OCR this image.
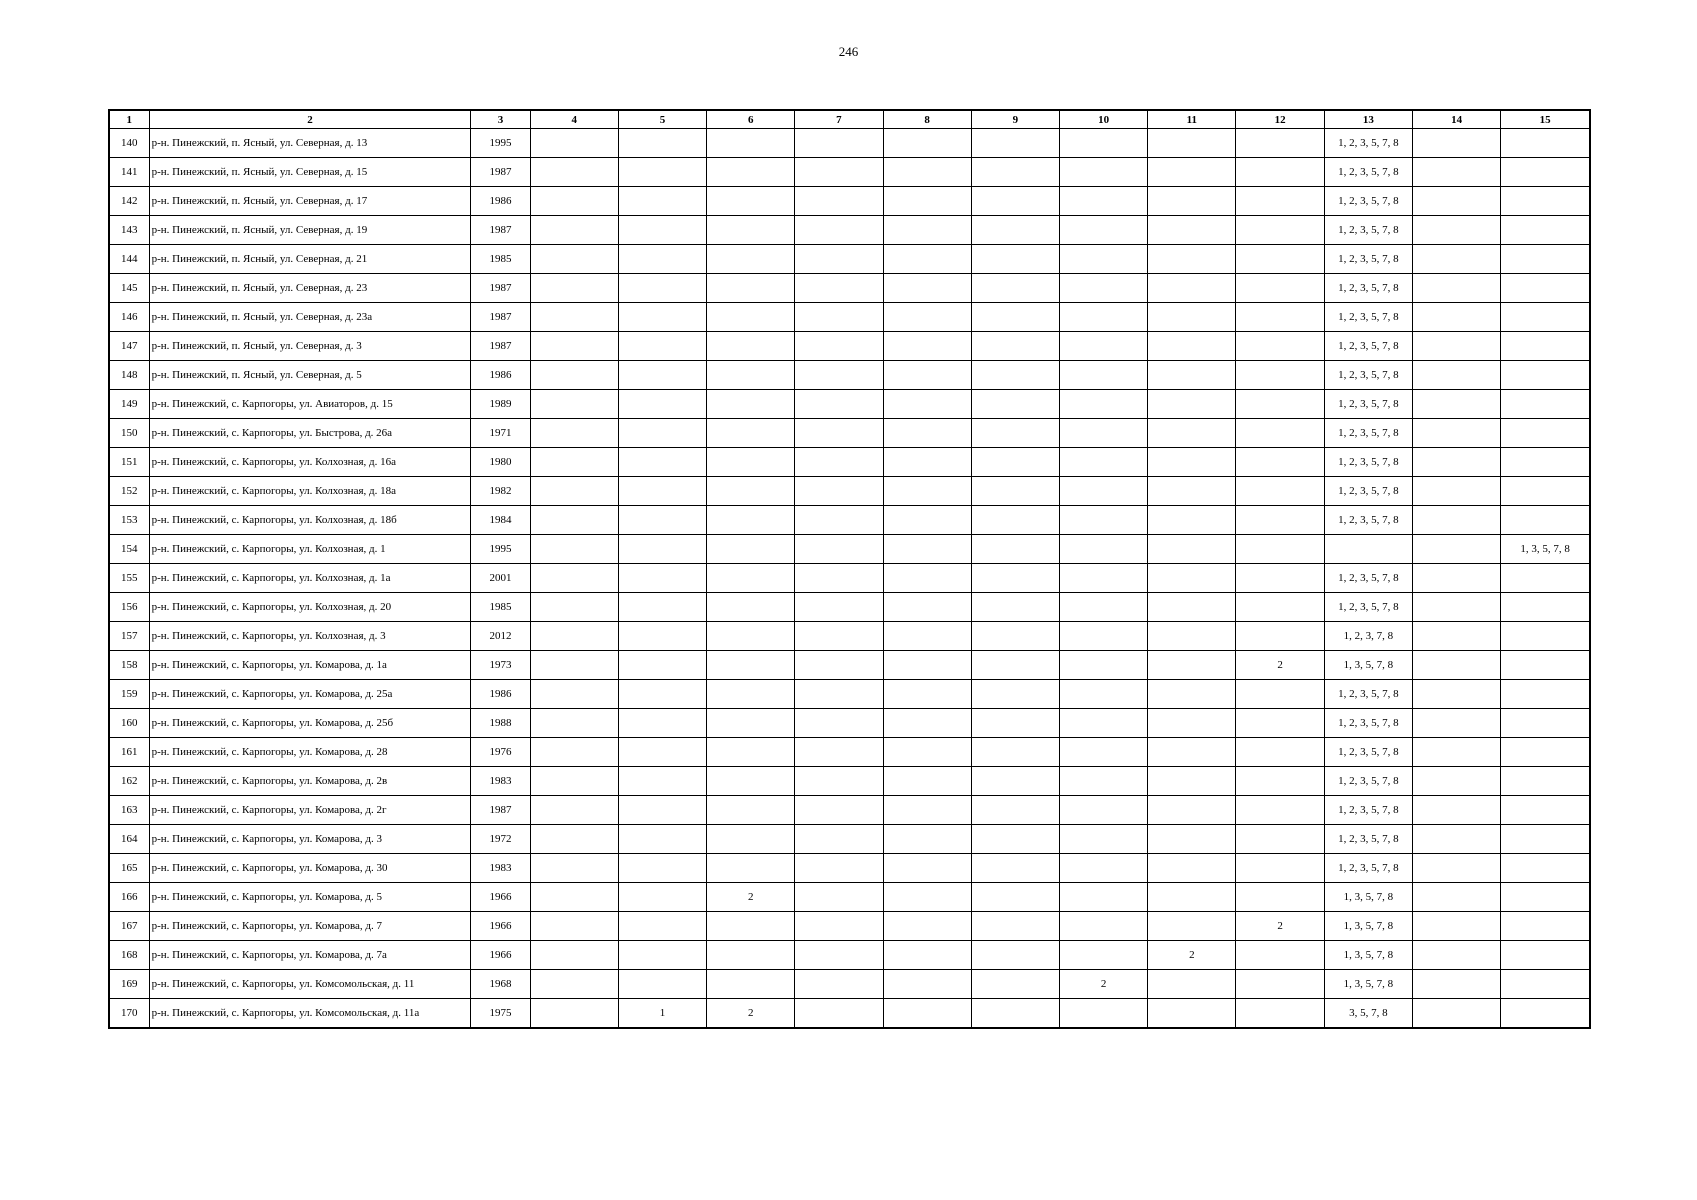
246
1	2	3	4	5	6	7	8	9	10	11	12	13	14	15
140	р-н. Пинежский, п. Ясный, ул. Северная, д. 13	1995										1, 2, 3, 5, 7, 8		
141	р-н. Пинежский, п. Ясный, ул. Северная, д. 15	1987										1, 2, 3, 5, 7, 8		
142	р-н. Пинежский, п. Ясный, ул. Северная, д. 17	1986										1, 2, 3, 5, 7, 8		
143	р-н. Пинежский, п. Ясный, ул. Северная, д. 19	1987										1, 2, 3, 5, 7, 8		
144	р-н. Пинежский, п. Ясный, ул. Северная, д. 21	1985										1, 2, 3, 5, 7, 8		
145	р-н. Пинежский, п. Ясный, ул. Северная, д. 23	1987										1, 2, 3, 5, 7, 8		
146	р-н. Пинежский, п. Ясный, ул. Северная, д. 23а	1987										1, 2, 3, 5, 7, 8		
147	р-н. Пинежский, п. Ясный, ул. Северная, д. 3	1987										1, 2, 3, 5, 7, 8		
148	р-н. Пинежский, п. Ясный, ул. Северная, д. 5	1986										1, 2, 3, 5, 7, 8		
149	р-н. Пинежский, с. Карпогоры, ул. Авиаторов, д. 15	1989										1, 2, 3, 5, 7, 8		
150	р-н. Пинежский, с. Карпогоры, ул. Быстрова, д. 26а	1971										1, 2, 3, 5, 7, 8		
151	р-н. Пинежский, с. Карпогоры, ул. Колхозная, д. 16а	1980										1, 2, 3, 5, 7, 8		
152	р-н. Пинежский, с. Карпогоры, ул. Колхозная, д. 18а	1982										1, 2, 3, 5, 7, 8		
153	р-н. Пинежский, с. Карпогоры, ул. Колхозная, д. 18б	1984										1, 2, 3, 5, 7, 8		
154	р-н. Пинежский, с. Карпогоры, ул. Колхозная, д. 1	1995												1, 3, 5, 7, 8
155	р-н. Пинежский, с. Карпогоры, ул. Колхозная, д. 1а	2001										1, 2, 3, 5, 7, 8		
156	р-н. Пинежский, с. Карпогоры, ул. Колхозная, д. 20	1985										1, 2, 3, 5, 7, 8		
157	р-н. Пинежский, с. Карпогоры, ул. Колхозная, д. 3	2012										1, 2, 3, 7, 8		
158	р-н. Пинежский, с. Карпогоры, ул. Комарова, д. 1а	1973									2	1, 3, 5, 7, 8		
159	р-н. Пинежский, с. Карпогоры, ул. Комарова, д. 25а	1986										1, 2, 3, 5, 7, 8		
160	р-н. Пинежский, с. Карпогоры, ул. Комарова, д. 25б	1988										1, 2, 3, 5, 7, 8		
161	р-н. Пинежский, с. Карпогоры, ул. Комарова, д. 28	1976										1, 2, 3, 5, 7, 8		
162	р-н. Пинежский, с. Карпогоры, ул. Комарова, д. 2в	1983										1, 2, 3, 5, 7, 8		
163	р-н. Пинежский, с. Карпогоры, ул. Комарова, д. 2г	1987										1, 2, 3, 5, 7, 8		
164	р-н. Пинежский, с. Карпогоры, ул. Комарова, д. 3	1972										1, 2, 3, 5, 7, 8		
165	р-н. Пинежский, с. Карпогоры, ул. Комарова, д. 30	1983										1, 2, 3, 5, 7, 8		
166	р-н. Пинежский, с. Карпогоры, ул. Комарова, д. 5	1966			2							1, 3, 5, 7, 8		
167	р-н. Пинежский, с. Карпогоры, ул. Комарова, д. 7	1966									2	1, 3, 5, 7, 8		
168	р-н. Пинежский, с. Карпогоры, ул. Комарова, д. 7а	1966								2		1, 3, 5, 7, 8		
169	р-н. Пинежский, с. Карпогоры, ул. Комсомольская, д. 11	1968							2			1, 3, 5, 7, 8		
170	р-н. Пинежский, с. Карпогоры, ул. Комсомольская, д. 11а	1975		1	2							3, 5, 7, 8		
